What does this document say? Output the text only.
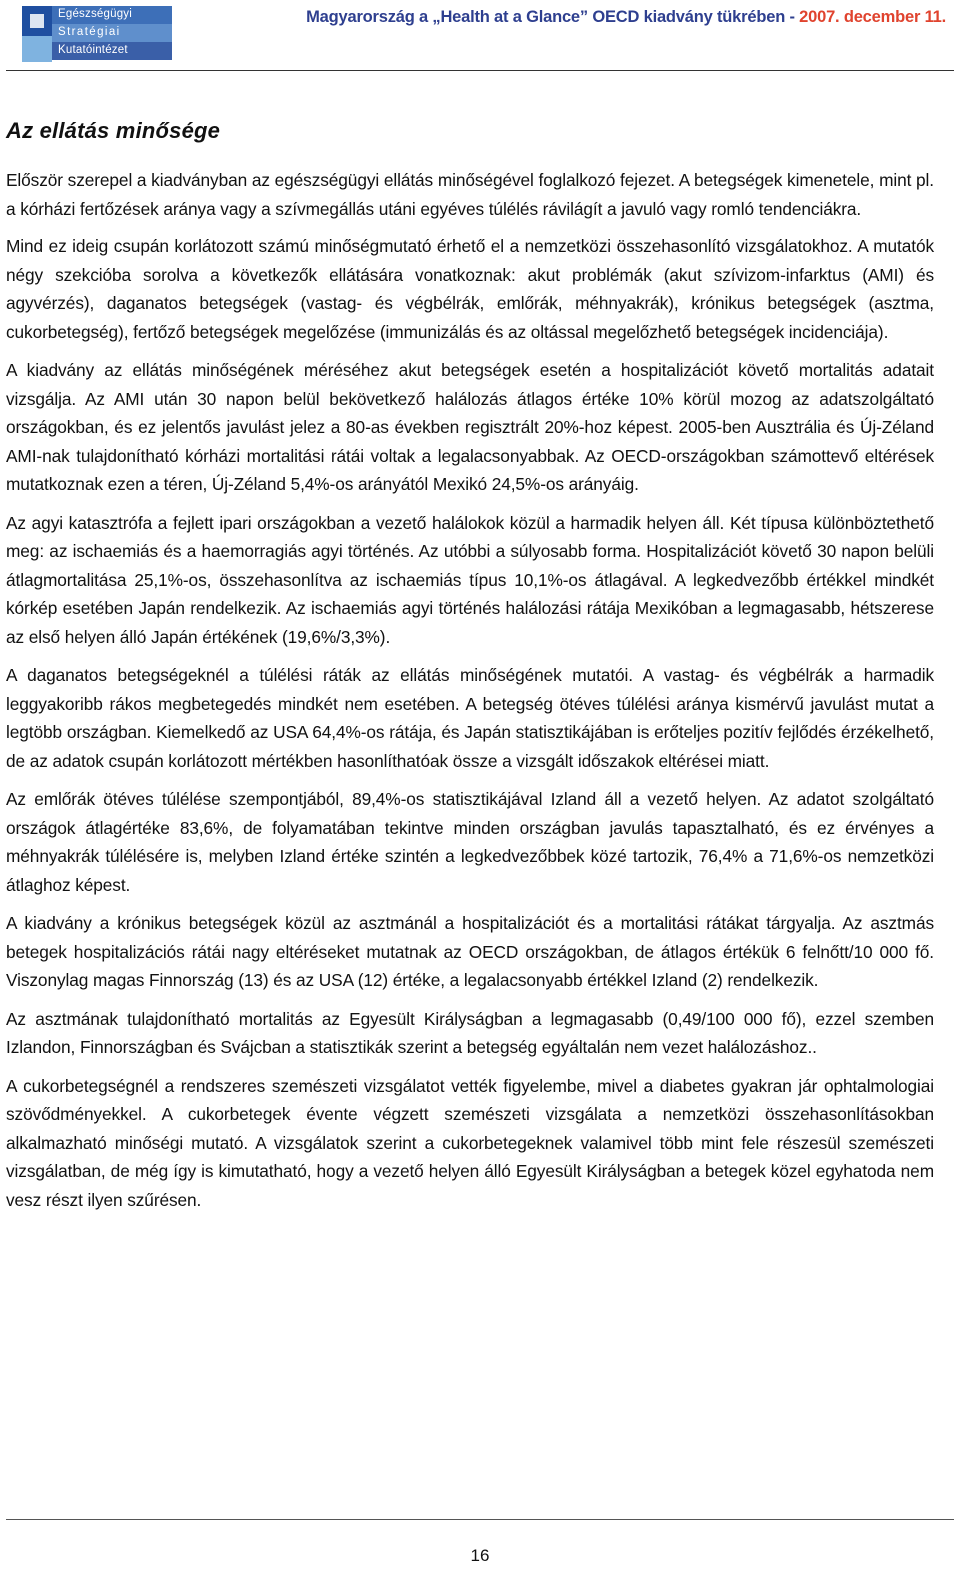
Egészségügyi
Stratégiai
Kutatóintézet
Magyarország a „Health at a Glance” OECD kiadvány tükrében - 2007. december 11.
Az ellátás minősége

Először szerepel a kiadványban az egészségügyi ellátás minőségével foglalkozó fejezet. A betegségek kimenetele, mint pl. a kórházi fertőzések aránya vagy a szívmegállás utáni egyéves túlélés rávilágít a javuló vagy romló tendenciákra.

Mind ez ideig csupán korlátozott számú minőségmutató érhető el a nemzetközi összehasonlító vizsgálatokhoz. A mutatók négy szekcióba sorolva a következők ellátására vonatkoznak: akut problémák (akut szívizom-infarktus (AMI) és agyvérzés), daganatos betegségek (vastag- és végbélrák, emlőrák, méhnyakrák), krónikus betegségek (asztma, cukorbetegség), fertőző betegségek megelőzése (immunizálás és az oltással megelőzhető betegségek incidenciája).

A kiadvány az ellátás minőségének méréséhez akut betegségek esetén a hospitalizációt követő mortalitás adatait vizsgálja. Az AMI után 30 napon belül bekövetkező halálozás átlagos értéke 10% körül mozog az adatszolgáltató országokban, és ez jelentős javulást jelez a 80-as években regisztrált 20%-hoz képest. 2005-ben Ausztrália és Új-Zéland AMI-nak tulajdonítható kórházi mortalitási rátái voltak a legalacsonyabbak. Az OECD-országokban számottevő eltérések mutatkoznak ezen a téren, Új-Zéland 5,4%-os arányától Mexikó 24,5%-os arányáig.

Az agyi katasztrófa a fejlett ipari országokban a vezető halálokok közül a harmadik helyen áll. Két típusa különböztethető meg: az ischaemiás és a haemorragiás agyi történés. Az utóbbi a súlyosabb forma. Hospitalizációt követő 30 napon belüli átlagmortalitása 25,1%-os, összehasonlítva az ischaemiás típus 10,1%-os átlagával. A legkedvezőbb értékkel mindkét kórkép esetében Japán rendelkezik. Az ischaemiás agyi történés halálozási rátája Mexikóban a legmagasabb, hétszerese az első helyen álló Japán értékének (19,6%/3,3%).

A daganatos betegségeknél a túlélési ráták az ellátás minőségének mutatói. A vastag- és végbélrák a harmadik leggyakoribb rákos megbetegedés mindkét nem esetében. A betegség ötéves túlélési aránya kismérvű javulást mutat a legtöbb országban. Kiemelkedő az USA 64,4%-os rátája, és Japán statisztikájában is erőteljes pozitív fejlődés érzékelhető, de az adatok csupán korlátozott mértékben hasonlíthatóak össze a vizsgált időszakok eltérései miatt.

Az emlőrák ötéves túlélése szempontjából, 89,4%-os statisztikájával Izland áll a vezető helyen. Az adatot szolgáltató országok átlagértéke 83,6%, de folyamatában tekintve minden országban javulás tapasztalható, és ez érvényes a méhnyakrák túlélésére is, melyben Izland értéke szintén a legkedvezőbbek közé tartozik, 76,4% a 71,6%-os nemzetközi átlaghoz képest.

A kiadvány a krónikus betegségek közül az asztmánál a hospitalizációt és a mortalitási rátákat tárgyalja. Az asztmás betegek hospitalizációs rátái nagy eltéréseket mutatnak az OECD országokban, de átlagos értékük 6 felnőtt/10 000 fő. Viszonylag magas Finnország (13) és az USA (12) értéke, a legalacsonyabb értékkel Izland (2) rendelkezik.

Az asztmának tulajdonítható mortalitás az Egyesült Királyságban a legmagasabb (0,49/100 000 fő), ezzel szemben Izlandon, Finnországban és Svájcban a statisztikák szerint a betegség egyáltalán nem vezet halálozáshoz..

A cukorbetegségnél a rendszeres szemészeti vizsgálatot vették figyelembe, mivel a diabetes gyakran jár ophtalmologiai szövődményekkel. A cukorbetegek évente végzett szemészeti vizsgálata a nemzetközi összehasonlításokban alkalmazható minőségi mutató. A vizsgálatok szerint a cukorbetegeknek valamivel több mint fele részesül szemészeti vizsgálatban, de még így is kimutatható, hogy a vezető helyen álló Egyesült Királyságban a betegek közel egyhatoda nem vesz részt ilyen szűrésen.

16
